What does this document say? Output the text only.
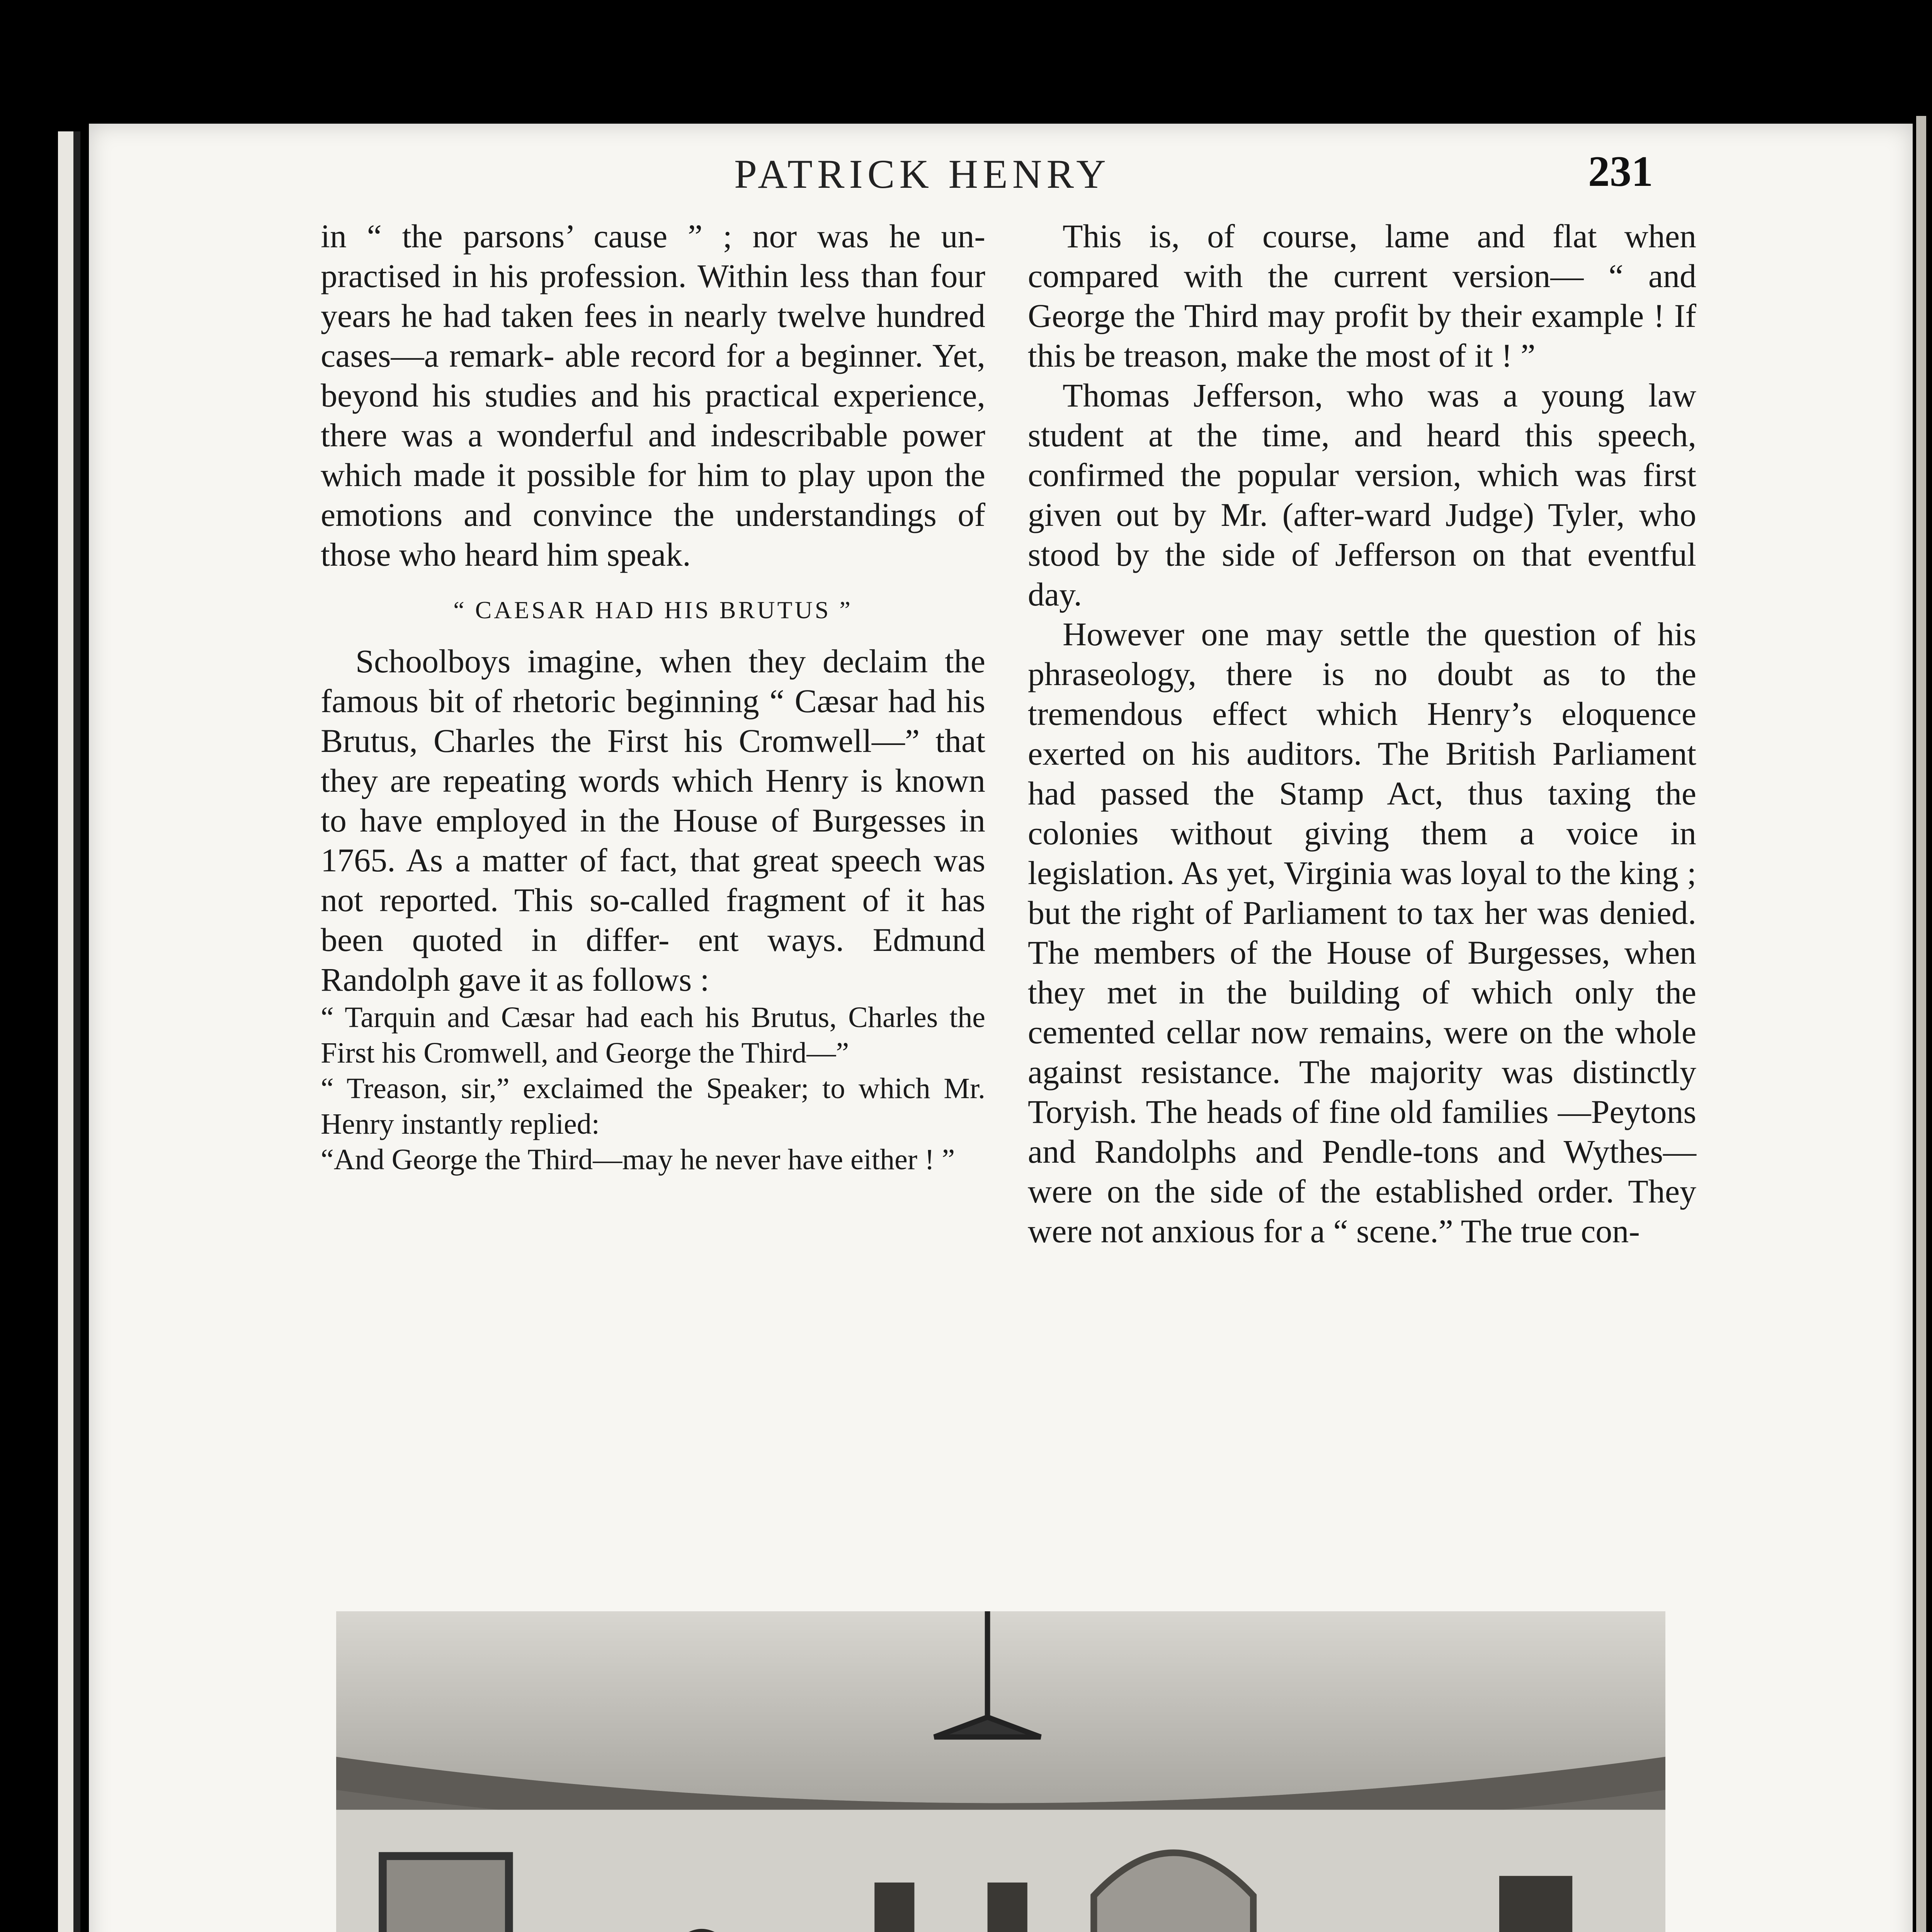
PATRICK HENRY	231

in “ the parsons’ cause ” ; nor was he un- practised in his profession. Within less than four years he had taken fees in nearly twelve hundred cases—a remark- able record for a beginner. Yet, beyond his studies and his practical experience, there was a wonderful and indescribable power which made it possible for him to play upon the emotions and convince the understandings of those who heard him speak.

“ CAESAR HAD HIS BRUTUS ”

Schoolboys imagine, when they declaim the famous bit of rhetoric beginning “ Cæsar had his Brutus, Charles the First his Cromwell—” that they are repeating words which Henry is known to have employed in the House of Burgesses in 1765. As a matter of fact, that great speech was not reported. This so-called fragment of it has been quoted in differ- ent ways. Edmund Randolph gave it as follows :

“ Tarquin and Cæsar had each his Brutus, Charles the First his Cromwell, and George the Third—”

“ Treason, sir,” exclaimed the Speaker; to which Mr. Henry instantly replied:

“And George the Third—may he never have either ! ”

This is, of course, lame and flat when compared with the current version— “ and George the Third may profit by their example ! If this be treason, make the most of it ! ”

Thomas Jefferson, who was a young law student at the time, and heard this speech, confirmed the popular version, which was first given out by Mr. (after-ward Judge) Tyler, who stood by the side of Jefferson on that eventful day.

However one may settle the question of his phraseology, there is no doubt as to the tremendous effect which Henry’s eloquence exerted on his auditors. The British Parliament had passed the Stamp Act, thus taxing the colonies without giving them a voice in legislation. As yet, Virginia was loyal to the king ; but the right of Parliament to tax her was denied. The members of the House of Burgesses, when they met in the building of which only the cemented cellar now remains, were on the whole against resistance. The majority was distinctly Toryish. The heads of fine old families —Peytons and Randolphs and Pendle-tons and Wythes—were on the side of the established order. They were not anxious for a “ scene.” The true con-
